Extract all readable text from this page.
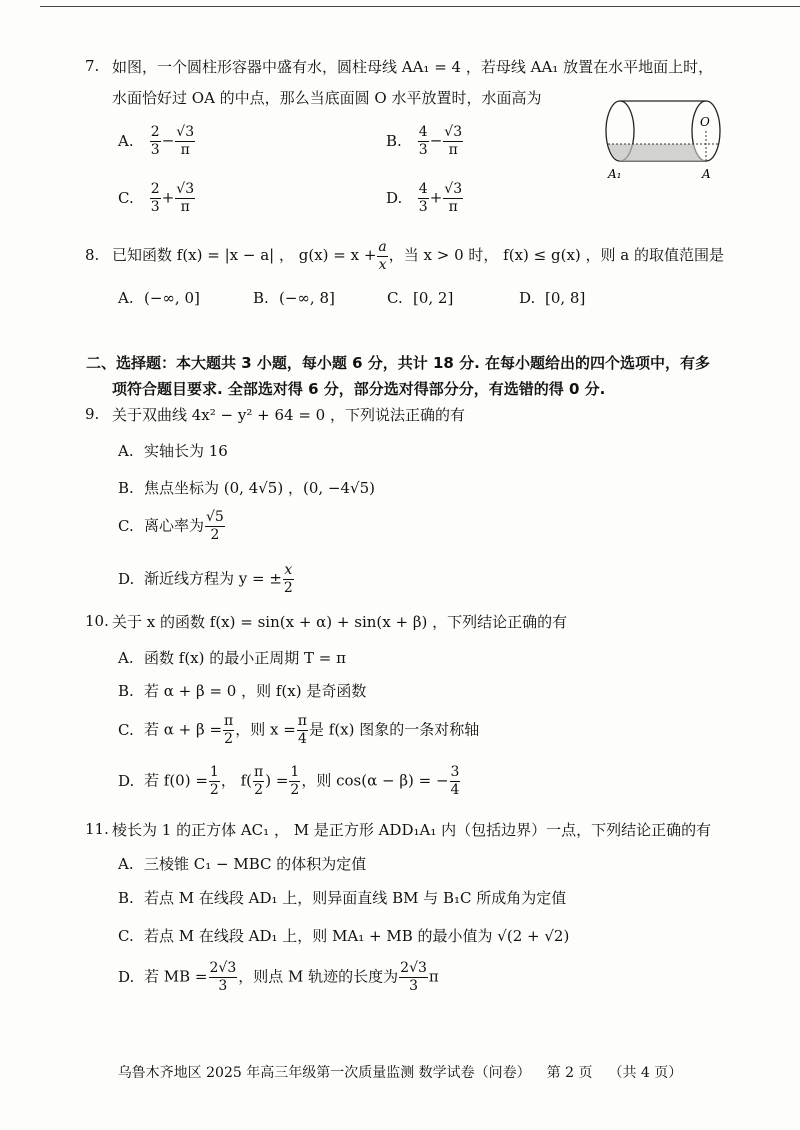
7. 如图，一个圆柱形容器中盛有水，圆柱母线 AA₁ = 4 ，若母线 AA₁ 放置在水平地面上时，
水面恰好过 OA 的中点，那么当底面圆 O 水平放置时，水面高为
A. $\frac{2}{3} - \frac{√3}{\pi}$	B. $\frac{4}{3} - \frac{√3}{\pi}$
C. $\frac{2}{3} + \frac{√3}{\pi}$	D. $\frac{4}{3} + \frac{√3}{\pi}$
O
A₁	A
8. 已知函数 f(x) = |x − a| ， $g(x) = x + \frac{a}{x}$ ，当 x > 0 时， f(x) ≤ g(x) ，则 a 的取值范围是
A. (−∞, 0]	B. (−∞, 8]	C. [0, 2]	D. [0, 8]
二、选择题：本大题共 3 小题，每小题 6 分，共计 18 分. 在每小题给出的四个选项中，有多
项符合题目要求. 全部选对得 6 分，部分选对得部分分，有选错的得 0 分.
9. 关于双曲线 4x² − y² + 64 = 0 ，下列说法正确的有
A. 实轴长为 16
B. 焦点坐标为 (0, 4√5) ，(0, −4√5)
C. 离心率为 $\frac{√5}{2}$
D. 渐近线方程为 y = ± $\frac{x}{2}$
10. 关于 x 的函数 f(x) = sin(x + α) + sin(x + β) ，下列结论正确的有
A. 函数 f(x) 的最小正周期 T = π
B. 若 α + β = 0 ，则 f(x) 是奇函数
C. 若 $\alpha + \beta = \frac{\pi}{2}$ ，则 $x = \frac{\pi}{4}$ 是 f(x) 图象的一条对称轴
D. 若 $f(0) = \frac{1}{2}$ ， $f( \frac{\pi}{2}$ ) = $\frac{1}{2}$ ，则 cos(α − β) = − $\frac{3}{4}$
11. 棱长为 1 的正方体 AC₁ ， M 是正方形 ADD₁A₁ 内（包括边界）一点，下列结论正确的有
A. 三棱锥 C₁ − MBC 的体积为定值
B. 若点 M 在线段 AD₁ 上，则异面直线 BM 与 B₁C 所成角为定值
C. 若点 M 在线段 AD₁ 上，则 MA₁ + MB 的最小值为 √(2 + √2)
D. 若 MB = $\frac{2√3}{3}$ ，则点 M 轨迹的长度为 $\frac{2√3}{3}$ π
乌鲁木齐地区 2025 年高三年级第一次质量监测 数学试卷（问卷） 第 2 页 （共 4 页）
